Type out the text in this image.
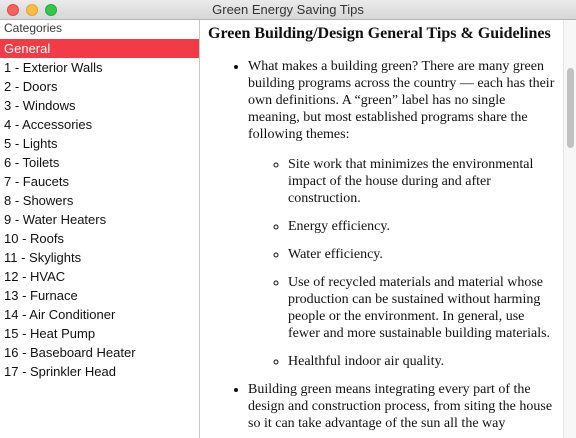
Green Energy Saving Tips
Categories
General
1 - Exterior Walls
2 - Doors
3 - Windows
4 - Accessories
5 - Lights
6 - Toilets
7 - Faucets
8 - Showers
9 - Water Heaters
10 - Roofs
11 - Skylights
12 - HVAC
13 - Furnace
14 - Air Conditioner
15 - Heat Pump
16 - Baseboard Heater
17 - Sprinkler Head
Green Building/Design General Tips & Guidelines
• What makes a building green? There are many green building programs across the country — each has their own definitions. A “green” label has no single meaning, but most established programs share the following themes:
◦ Site work that minimizes the environmental impact of the house during and after construction.
◦ Energy efficiency.
◦ Water efficiency.
◦ Use of recycled materials and material whose production can be sustained without harming people or the environment. In general, use fewer and more sustainable building materials.
◦ Healthful indoor air quality.
• Building green means integrating every part of the design and construction process, from siting the house so it can take advantage of the sun all the way
